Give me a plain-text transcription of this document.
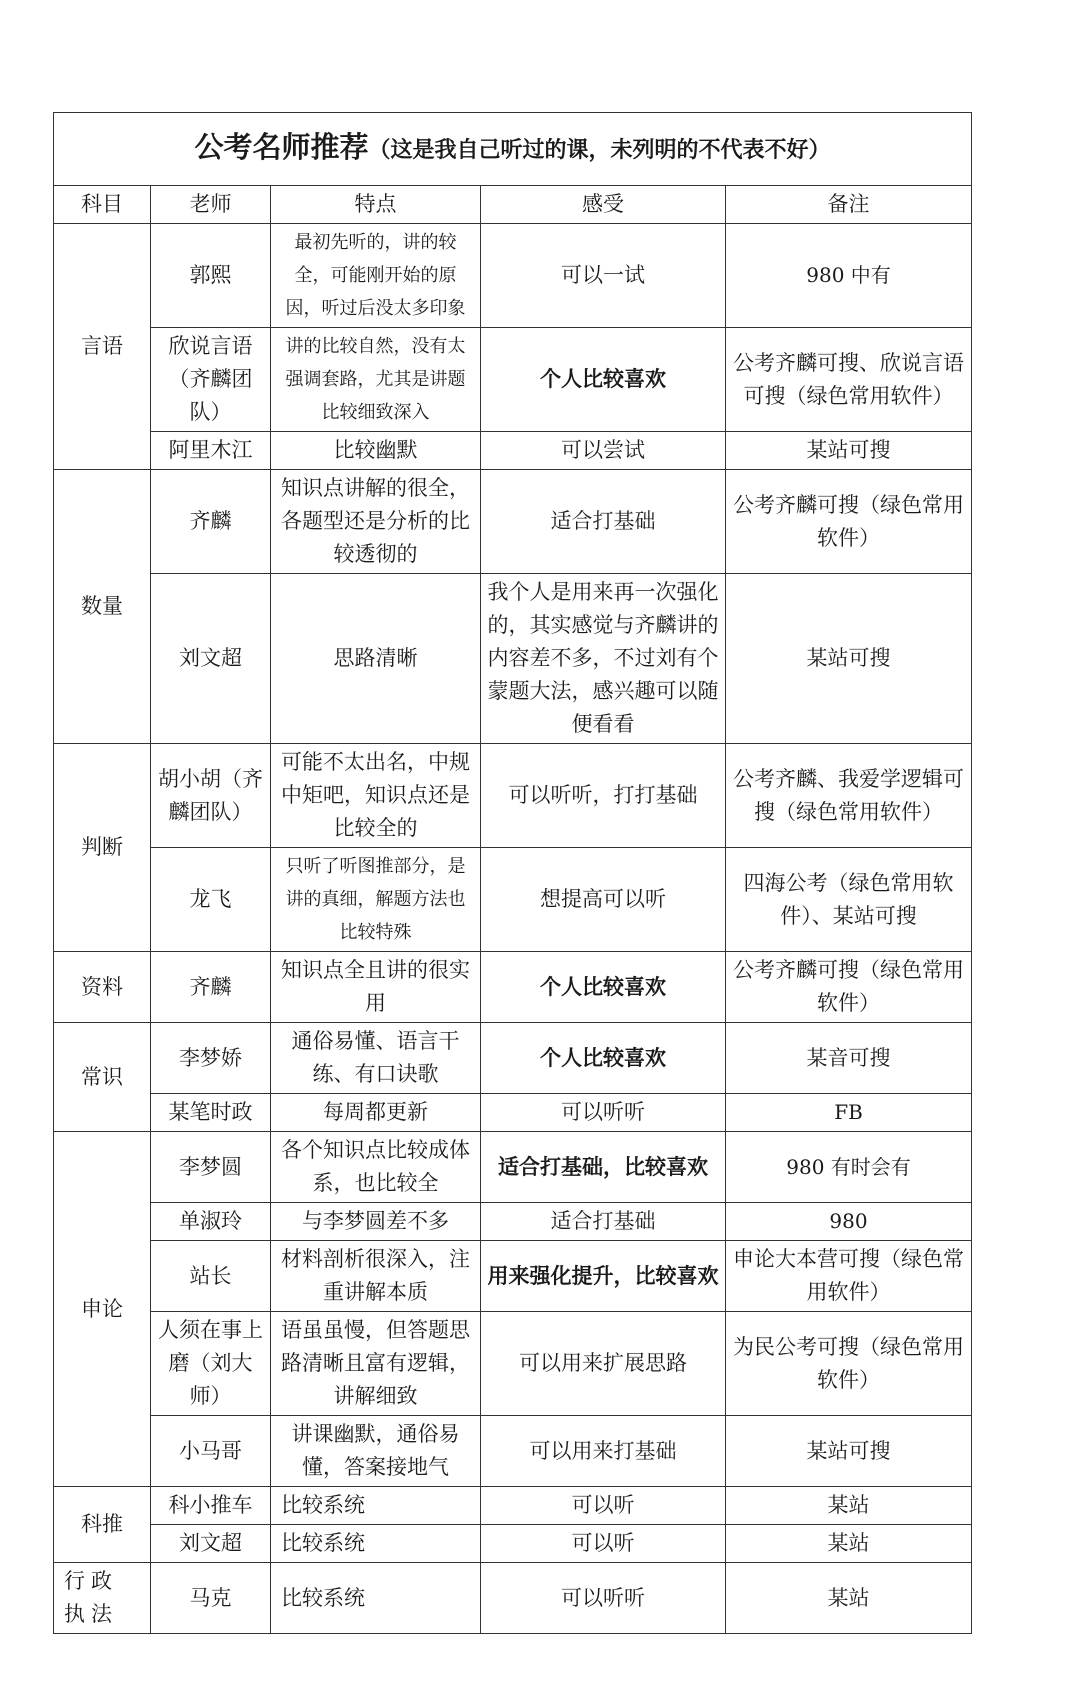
公考名师推荐（这是我自己听过的课，未列明的不代表不好）				
科目	老师	特点	感受	备注
言语	郭熙	最初先听的，讲的较全，可能刚开始的原因，听过后没太多印象	可以一试	980 中有
	欣说言语（齐麟团队）	讲的比较自然，没有太强调套路，尤其是讲题比较细致深入	个人比较喜欢	公考齐麟可搜、欣说言语可搜（绿色常用软件）
	阿里木江	比较幽默	可以尝试	某站可搜
数量	齐麟	知识点讲解的很全，各题型还是分析的比较透彻的	适合打基础	公考齐麟可搜（绿色常用软件）
	刘文超	思路清晰	我个人是用来再一次强化的，其实感觉与齐麟讲的内容差不多，不过刘有个蒙题大法，感兴趣可以随便看看	某站可搜
判断	胡小胡（齐麟团队）	可能不太出名，中规中矩吧，知识点还是比较全的	可以听听，打打基础	公考齐麟、我爱学逻辑可搜（绿色常用软件）
	龙飞	只听了听图推部分，是讲的真细，解题方法也比较特殊	想提高可以听	四海公考（绿色常用软件）、某站可搜
资料	齐麟	知识点全且讲的很实用	个人比较喜欢	公考齐麟可搜（绿色常用软件）
常识	李梦娇	通俗易懂、语言干练、有口诀歌	个人比较喜欢	某音可搜
	某笔时政	每周都更新	可以听听	FB
申论	李梦圆	各个知识点比较成体系，也比较全	适合打基础，比较喜欢	980 有时会有
	单淑玲	与李梦圆差不多	适合打基础	980
	站长	材料剖析很深入，注重讲解本质	用来强化提升，比较喜欢	申论大本营可搜（绿色常用软件）
	人须在事上磨（刘大师）	语虽虽慢，但答题思路清晰且富有逻辑，讲解细致	可以用来扩展思路	为民公考可搜（绿色常用软件）
	小马哥	讲课幽默，通俗易懂，答案接地气	可以用来打基础	某站可搜
科推	科小推车	比较系统	可以听	某站
	刘文超	比较系统	可以听	某站
行政执法	马克	比较系统	可以听听	某站
